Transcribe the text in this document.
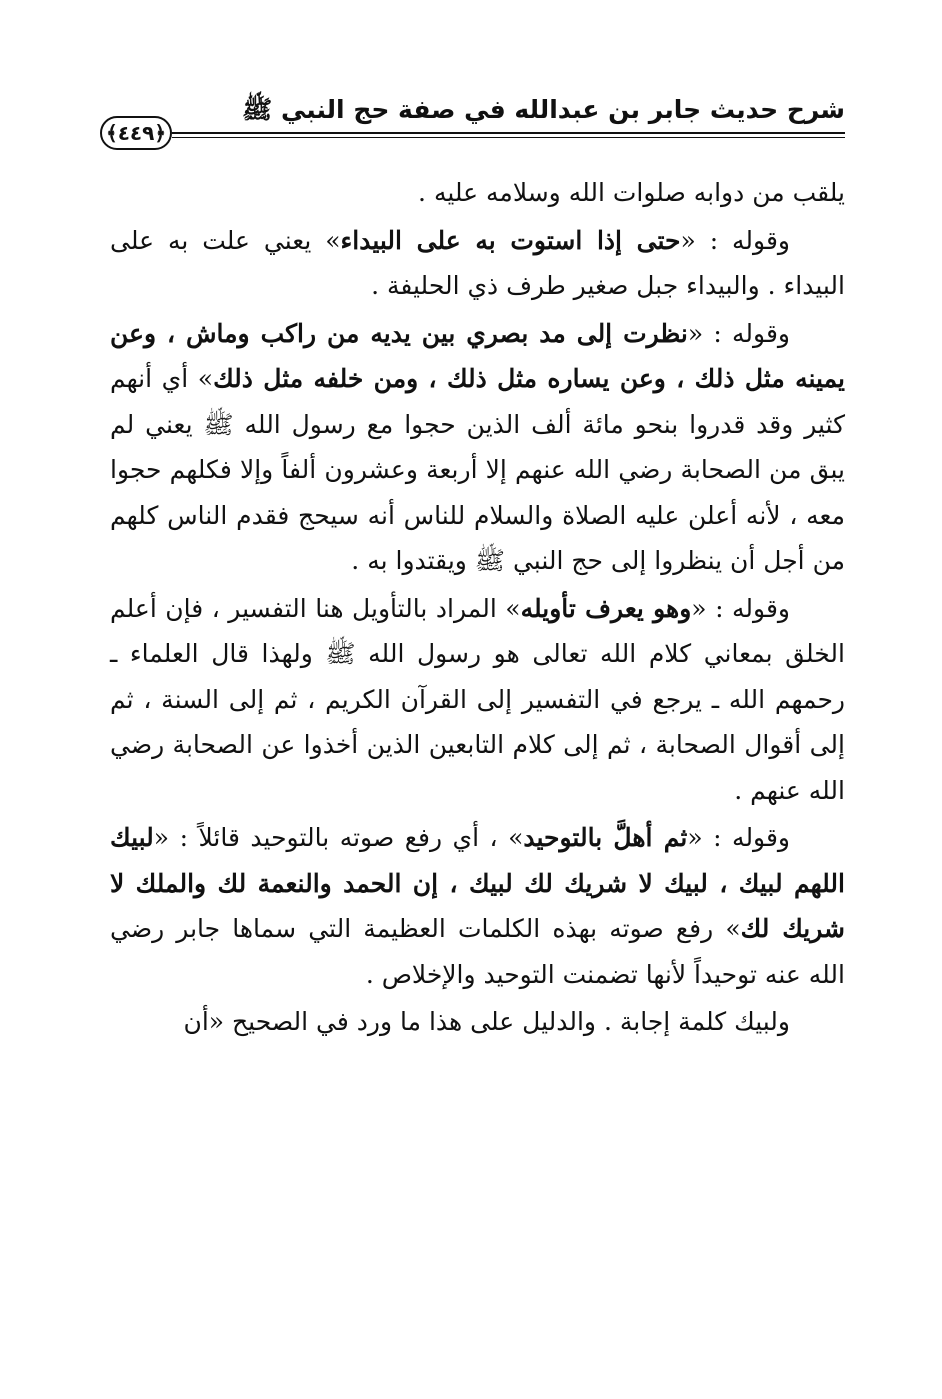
شرح حديث جابر بن عبدالله في صفة حج النبي ﷺ
﴿٤٤٩﴾

يلقب من دوابه صلوات الله وسلامه عليه .

وقوله : «حتى إذا استوت به على البيداء» يعني علت به على البيداء . والبيداء جبل صغير طرف ذي الحليفة .

وقوله : «نظرت إلى مد بصري بين يديه من راكب وماش ، وعن يمينه مثل ذلك ، وعن يساره مثل ذلك ، ومن خلفه مثل ذلك» أي أنهم كثير وقد قدروا بنحو مائة ألف الذين حجوا مع رسول الله ﷺ يعني لم يبق من الصحابة رضي الله عنهم إلا أربعة وعشرون ألفاً وإلا فكلهم حجوا معه ، لأنه أعلن عليه الصلاة والسلام للناس أنه سيحج فقدم الناس كلهم من أجل أن ينظروا إلى حج النبي ﷺ ويقتدوا به .

وقوله : «وهو يعرف تأويله» المراد بالتأويل هنا التفسير ، فإن أعلم الخلق بمعاني كلام الله تعالى هو رسول الله ﷺ ولهذا قال العلماء ـ رحمهم الله ـ يرجع في التفسير إلى القرآن الكريم ، ثم إلى السنة ، ثم إلى أقوال الصحابة ، ثم إلى كلام التابعين الذين أخذوا عن الصحابة رضي الله عنهم .

وقوله : «ثم أهلَّ بالتوحيد» ، أي رفع صوته بالتوحيد قائلاً : «لبيك اللهم لبيك ، لبيك لا شريك لك لبيك ، إن الحمد والنعمة لك والملك لا شريك لك» رفع صوته بهذه الكلمات العظيمة التي سماها جابر رضي الله عنه توحيداً لأنها تضمنت التوحيد والإخلاص .

ولبيك كلمة إجابة . والدليل على هذا ما ورد في الصحيح «أن
